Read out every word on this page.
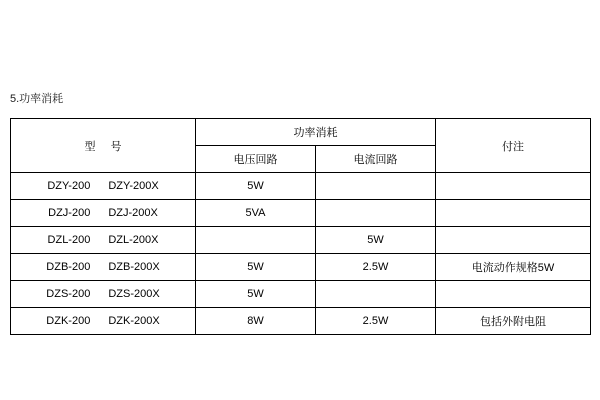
5.功率消耗
型 号	功率消耗		付注
	电压回路	电流回路	

DZY-200 DZY-200X	5W		

DZJ-200 DZJ-200X	5VA		

DZL-200 DZL-200X		5W	

DZB-200 DZB-200X	5W	2.5W	电流动作规格5W

DZS-200 DZS-200X	5W		

DZK-200 DZK-200X	8W	2.5W	包括外附电阻
